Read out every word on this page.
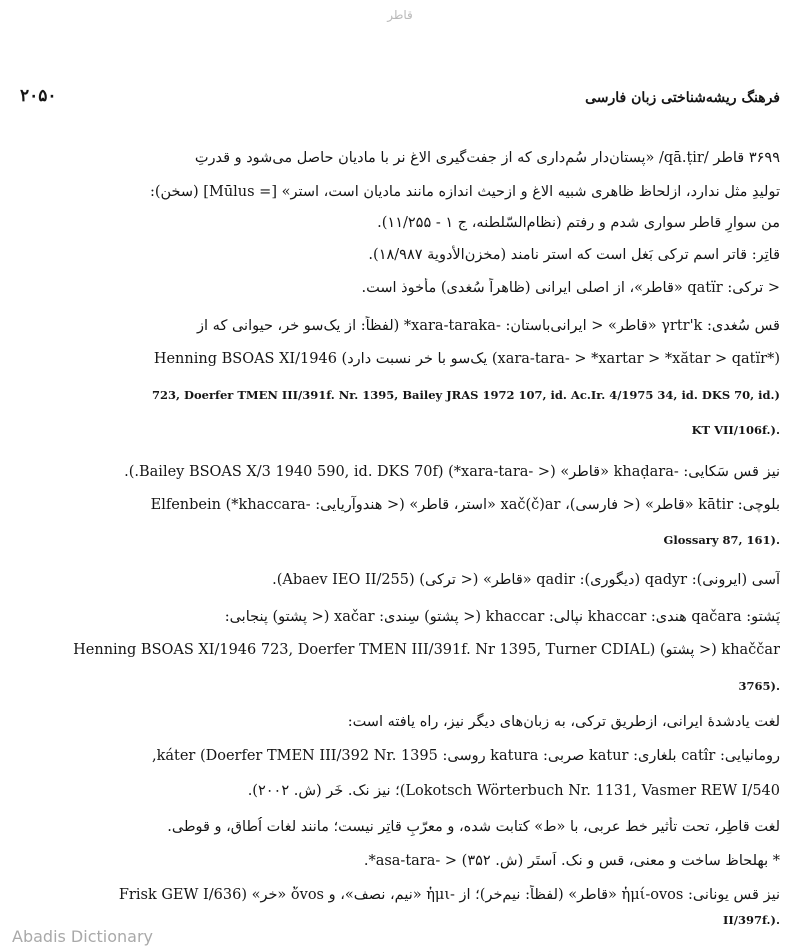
قاطر
۲۰۵۰	فرهنگ ریشه‌شناختی زبان فارسی
۳۶۹۹ قاطر /qā.ṭir/ «پستان‌دار سُم‌داری که از جفت‌گیری الاغ نر با مادیان حاصل می‌شود و قدرتِ
تولیدِ مثل ندارد، ازلحاظ ظاهری شبیه الاغ و ازحیث اندازه مانند مادیان است، استر» [= Mūlus] (سخن):
من سوارِ قاطر سواری شدم و رفتم (نظام‌السّلطنه، ج ۱ - ۱۱/۲۵۵).
قاتِر: قاتر اسم ترکی بَغل است که استر نامند (مخزن‌الأدویة ۱۸/۹۸۷).
< ترکی: qatïr «قاطر»، از اصلی ایرانی (ظاهراً سُغدی) مأخوذ است.
قس سُغدی: γrtr'k «قاطر» < ایرانی‌باستان: -xara-taraka* (لفظاً: از یک‌سو خر، حیوانی که از
(*xara-tara- > *xartar > *xătar > qatïr) یک‌سو با خر نسبت دارد) Henning BSOAS XI/1946
723, Doerfer TMEN III/391f. Nr. 1395, Bailey JRAS 1972 107, id. Ac.Ir. 4/1975 34, id. DKS 70, id.)
KT VII/106f.).
نیز قس سَکایی: -khaḍara «قاطر» (< -xara-tara*) (Bailey BSOAS X/3 1940 590, id. DKS 70f.).
بلوچی: kātir «قاطر» (< فارسی)، xač(č)ar «استر، قاطر» (< هندوآریایی: -khaccara*) Elfenbein
Glossary 87, 161).
آسی (ایرونی): qadyr (دیگوری): qadir «قاطر» (< ترکی) (Abaev IEO II/255).
پَشتو: qačara هندی: khaccar نپالی: khaccar (< پشتو) سِندی: xačar (< پشتو) پنجابی:
khaččar (< پشتو) (Henning BSOAS XI/1946 723, Doerfer TMEN III/391f. Nr 1395, Turner CDIAL
3765).
لغت یادشدهٔ ایرانی، ازطریق ترکی، به زبان‌های دیگر نیز، راه یافته است:
رومانیایی: catîr بلغاری: katur صربی: katura روسی: káter (Doerfer TMEN III/392 Nr. 1395,
Lokotsch Wörterbuch Nr. 1131, Vasmer REW I/540)؛ نیز نک. خَر (ش. ۲۰۰۲).
لغت قاطِر، تحت تأثیر خط عربی، با «ط» کتابت شده، و معرّبِ قاتِر نیست؛ مانند لغات اُطاق، و قوطی.
* بهلحاظ ساخت و معنی، قس و نک. اَستَر (ش. ۳۵۲) < -asa-tara*.
نیز قس یونانی: ἡμί-ovos «قاطر» (لفظاً: نیم‌خر)؛ از -ἡμι «نیم، نصف»، و ὄvos «خر» (Frisk GEW I/636
II/397f.).
Abadis Dictionary
